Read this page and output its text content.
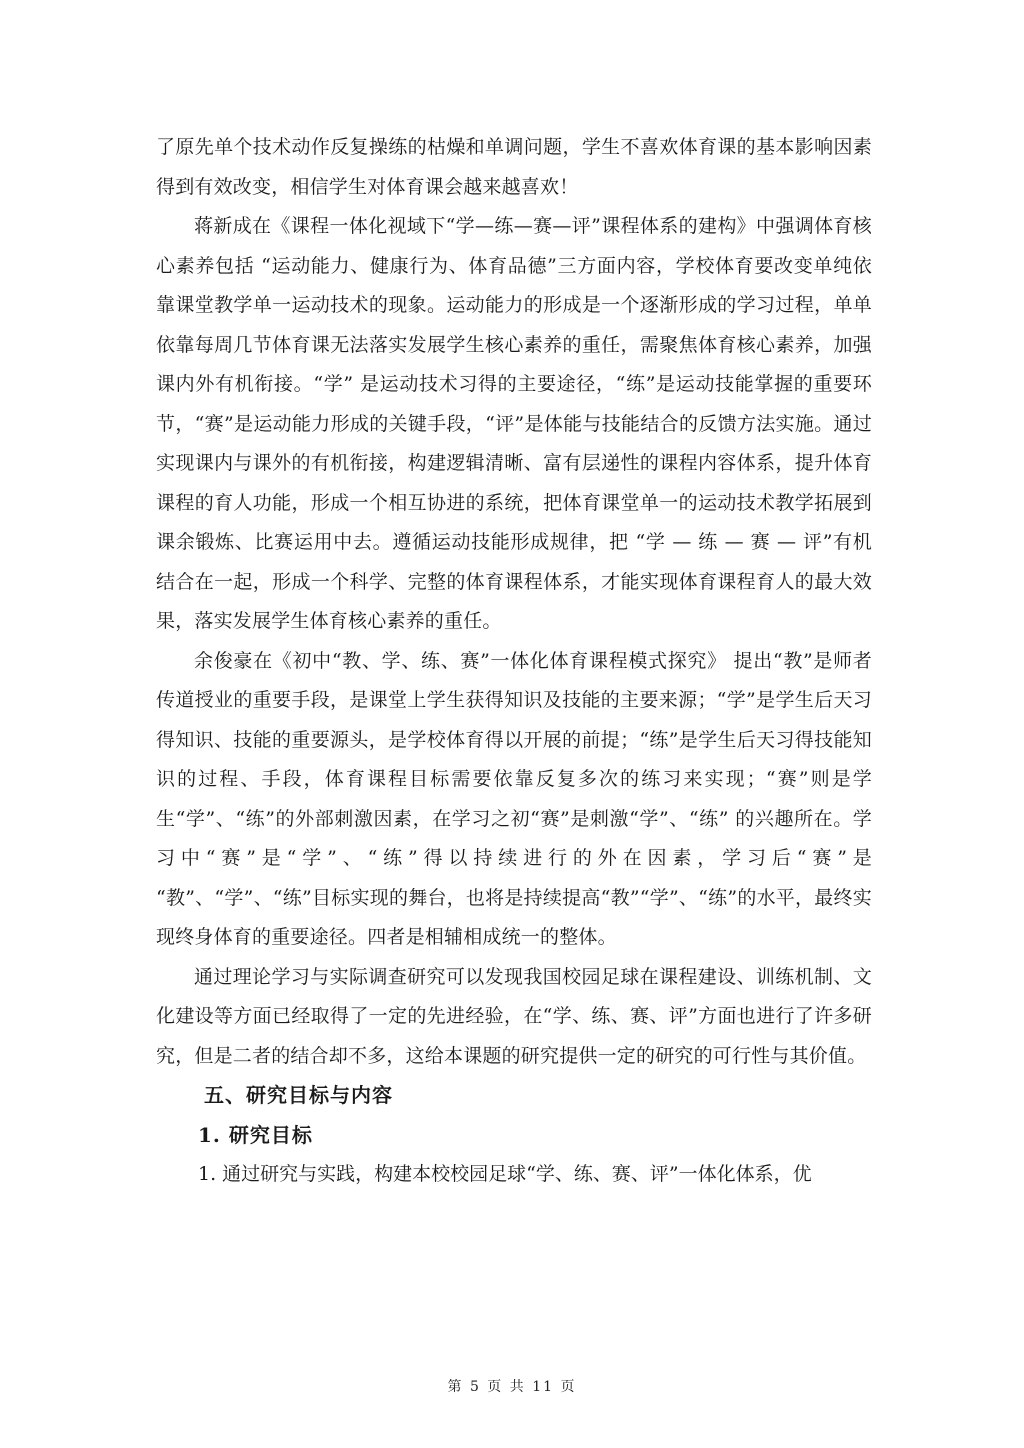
了原先单个技术动作反复操练的枯燥和单调问题，学生不喜欢体育课的基本影响因素得到有效改变，相信学生对体育课会越来越喜欢！

蒋新成在《课程一体化视域下“学—练—赛—评”课程体系的建构》中强调体育核心素养包括 “运动能力、健康行为、体育品德”三方面内容，学校体育要改变单纯依靠课堂教学单一运动技术的现象。运动能力的形成是一个逐渐形成的学习过程，单单依靠每周几节体育课无法落实发展学生核心素养的重任，需聚焦体育核心素养，加强课内外有机衔接。“学” 是运动技术习得的主要途径，“练”是运动技能掌握的重要环节，“赛”是运动能力形成的关键手段，“评”是体能与技能结合的反馈方法实施。通过实现课内与课外的有机衔接，构建逻辑清晰、富有层递性的课程内容体系，提升体育课程的育人功能，形成一个相互协进的系统，把体育课堂单一的运动技术教学拓展到课余锻炼、比赛运用中去。遵循运动技能形成规律，把 “学 — 练 — 赛 — 评”有机结合在一起，形成一个科学、完整的体育课程体系，才能实现体育课程育人的最大效果，落实发展学生体育核心素养的重任。

余俊豪在《初中“教、学、练、赛”一体化体育课程模式探究》 提出“教”是师者传道授业的重要手段，是课堂上学生获得知识及技能的主要来源；“学”是学生后天习得知识、技能的重要源头，是学校体育得以开展的前提；“练”是学生后天习得技能知识的过程、手段，体育课程目标需要依靠反复多次的练习来实现；“赛”则是学生“学”、“练”的外部刺激因素，在学习之初“赛”是刺激“学”、“练” 的兴趣所在。学习中“赛”是“学”、“练”得以持续进行的外在因素，学习后“赛”是 “教”、“学”、“练”目标实现的舞台，也将是持续提高“教”“学”、“练”的水平，最终实现终身体育的重要途径。四者是相辅相成统一的整体。

通过理论学习与实际调查研究可以发现我国校园足球在课程建设、训练机制、文化建设等方面已经取得了一定的先进经验，在“学、练、赛、评”方面也进行了许多研究，但是二者的结合却不多，这给本课题的研究提供一定的研究的可行性与其价值。

五、研究目标与内容

1. 研究目标

1. 通过研究与实践，构建本校校园足球“学、练、赛、评”一体化体系，优

第 5 页 共 11 页
